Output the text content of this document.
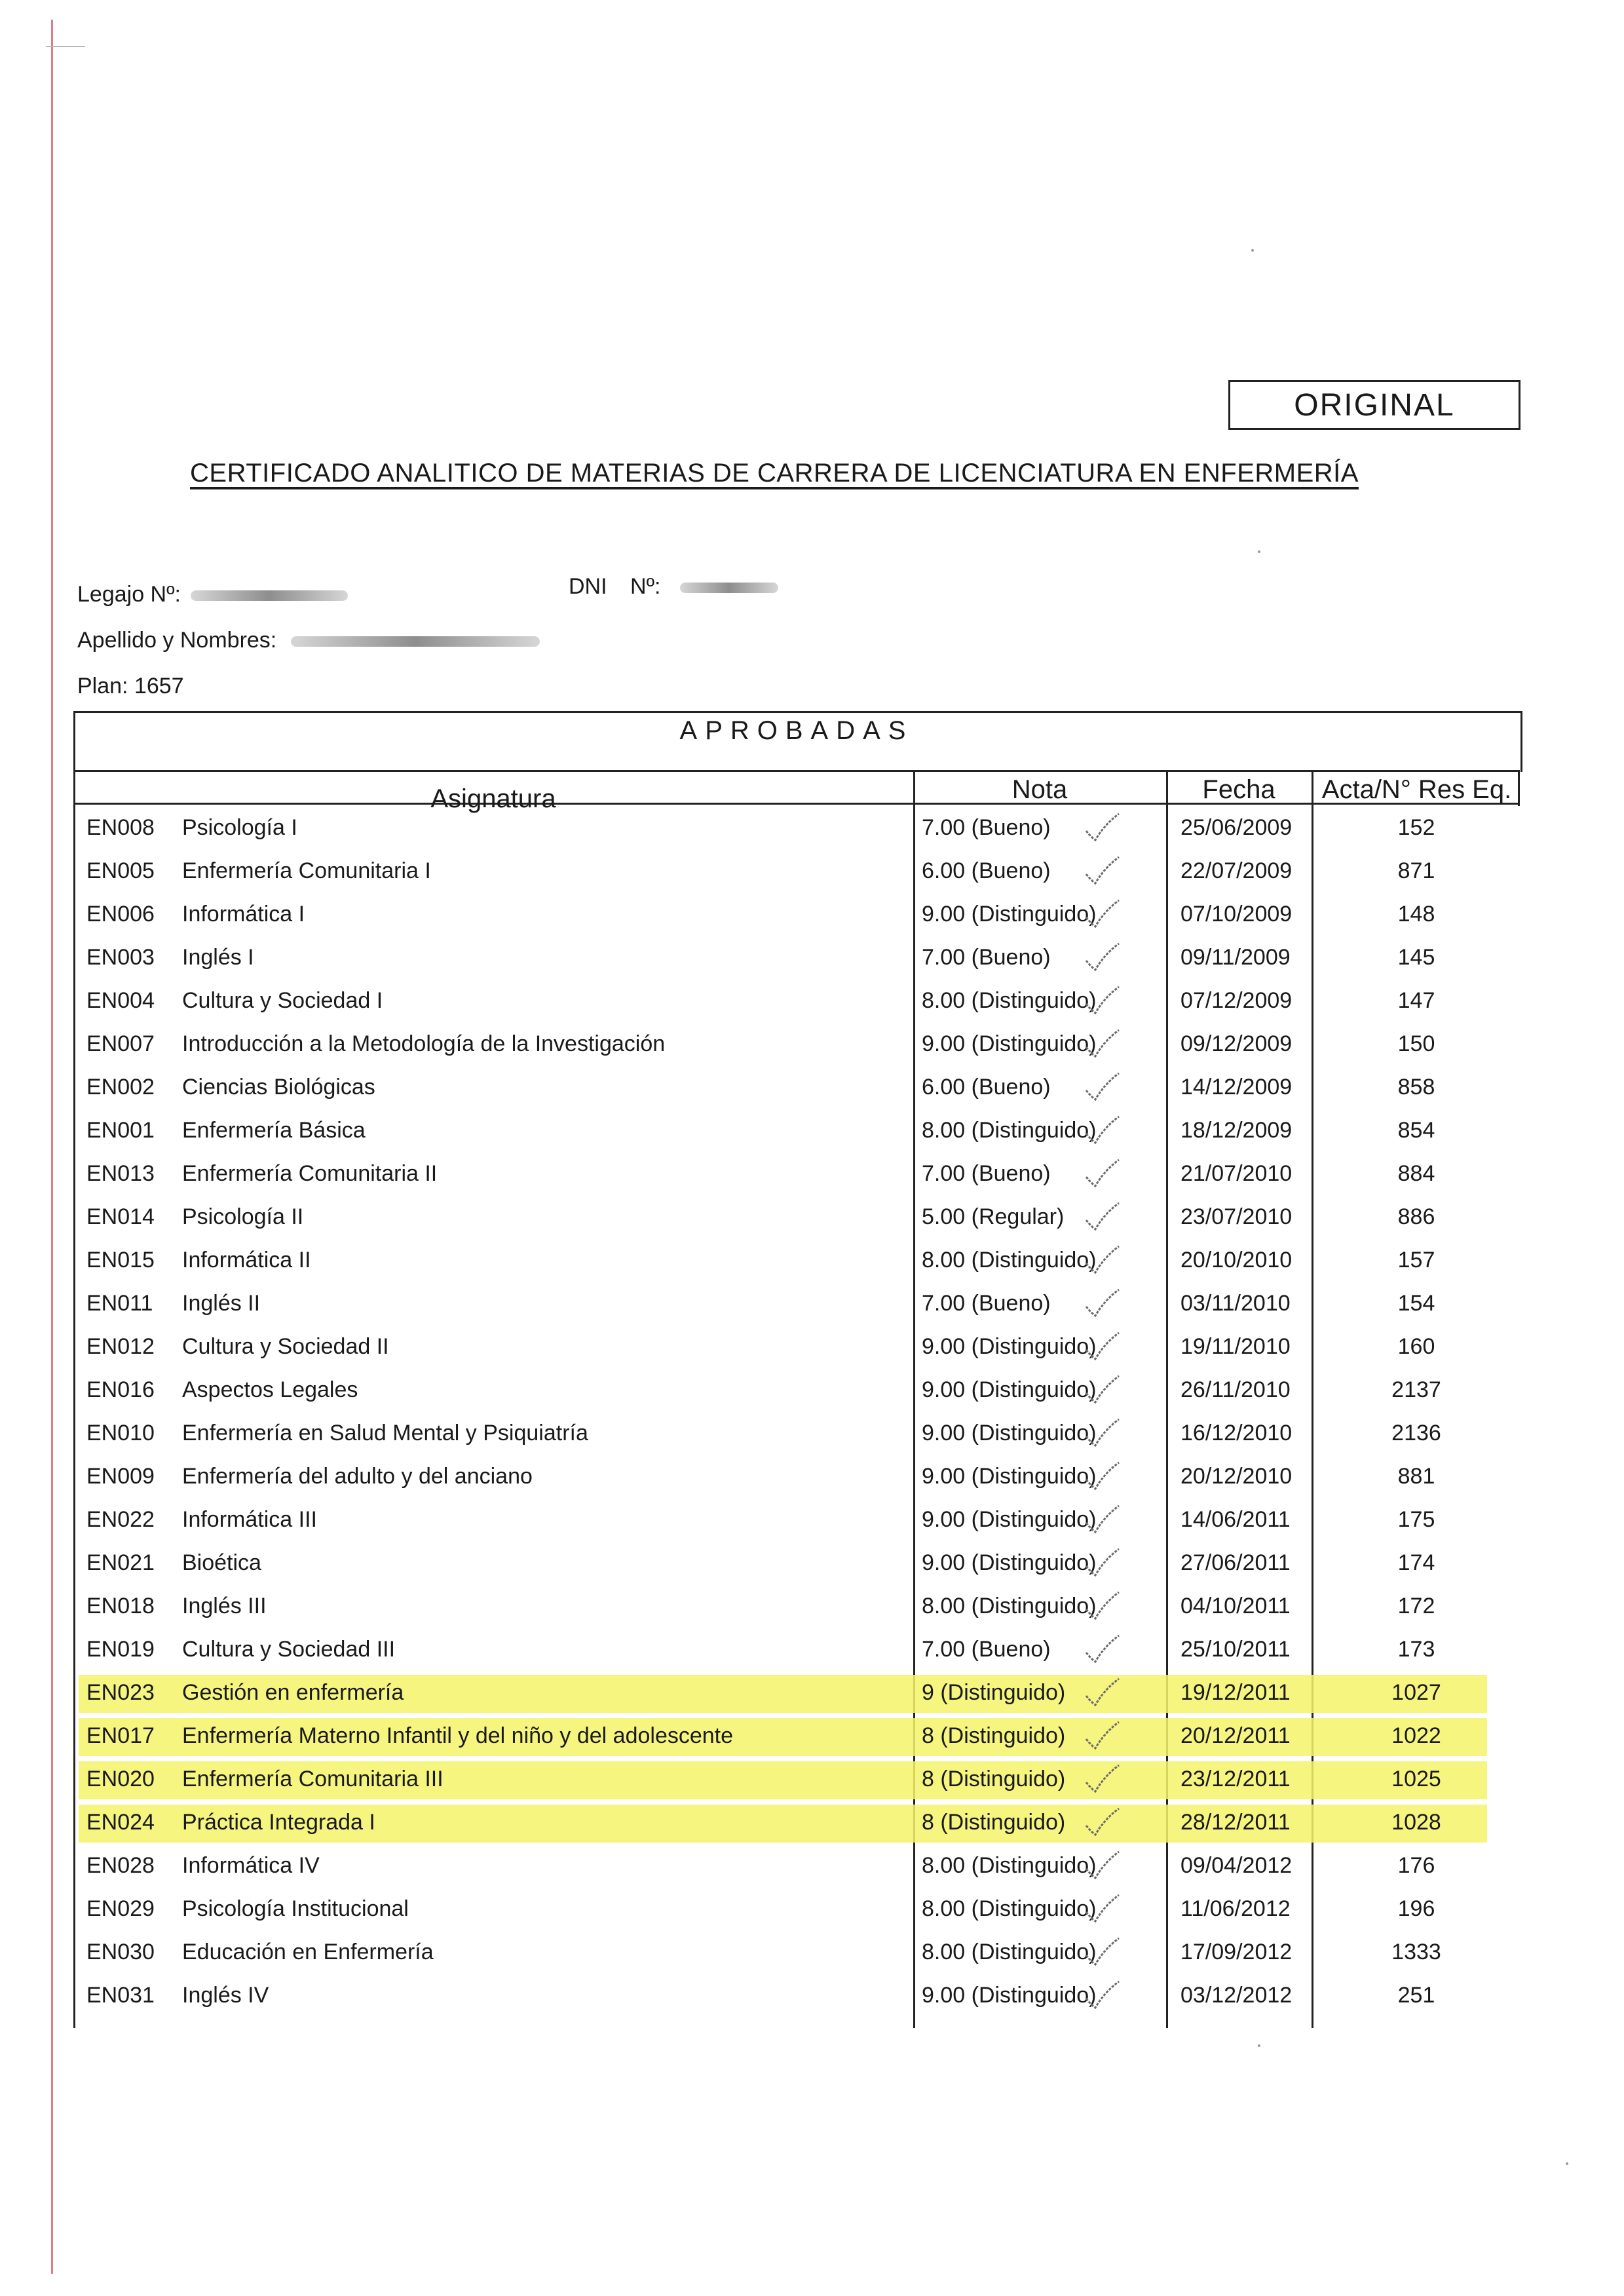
ORIGINAL
CERTIFICADO ANALITICO DE MATERIAS DE CARRERA DE LICENCIATURA EN ENFERMERÍA
Legajo Nº:	DNI Nº:
Apellido y Nombres:
Plan: 1657
APROBADAS
Asignatura	Nota	Fecha	Acta/N° Res Eq.
EN008 Psicología I	7.00 (Bueno)	25/06/2009	152
EN005 Enfermería Comunitaria I	6.00 (Bueno)	22/07/2009	871
EN006 Informática I	9.00 (Distinguido)	07/10/2009	148
EN003 Inglés I	7.00 (Bueno)	09/11/2009	145
EN004 Cultura y Sociedad I	8.00 (Distinguido)	07/12/2009	147
EN007 Introducción a la Metodología de la Investigación	9.00 (Distinguido)	09/12/2009	150
EN002 Ciencias Biológicas	6.00 (Bueno)	14/12/2009	858
EN001 Enfermería Básica	8.00 (Distinguido)	18/12/2009	854
EN013 Enfermería Comunitaria II	7.00 (Bueno)	21/07/2010	884
EN014 Psicología II	5.00 (Regular)	23/07/2010	886
EN015 Informática II	8.00 (Distinguido)	20/10/2010	157
EN011 Inglés II	7.00 (Bueno)	03/11/2010	154
EN012 Cultura y Sociedad II	9.00 (Distinguido)	19/11/2010	160
EN016 Aspectos Legales	9.00 (Distinguido)	26/11/2010	2137
EN010 Enfermería en Salud Mental y Psiquiatría	9.00 (Distinguido)	16/12/2010	2136
EN009 Enfermería del adulto y del anciano	9.00 (Distinguido)	20/12/2010	881
EN022 Informática III	9.00 (Distinguido)	14/06/2011	175
EN021 Bioética	9.00 (Distinguido)	27/06/2011	174
EN018 Inglés III	8.00 (Distinguido)	04/10/2011	172
EN019 Cultura y Sociedad III	7.00 (Bueno)	25/10/2011	173
EN023 Gestión en enfermería	9 (Distinguido)	19/12/2011	1027
EN017 Enfermería Materno Infantil y del niño y del adolescente	8 (Distinguido)	20/12/2011	1022
EN020 Enfermería Comunitaria III	8 (Distinguido)	23/12/2011	1025
EN024 Práctica Integrada I	8 (Distinguido)	28/12/2011	1028
EN028 Informática IV	8.00 (Distinguido)	09/04/2012	176
EN029 Psicología Institucional	8.00 (Distinguido)	11/06/2012	196
EN030 Educación en Enfermería	8.00 (Distinguido)	17/09/2012	1333
EN031 Inglés IV	9.00 (Distinguido)	03/12/2012	251
